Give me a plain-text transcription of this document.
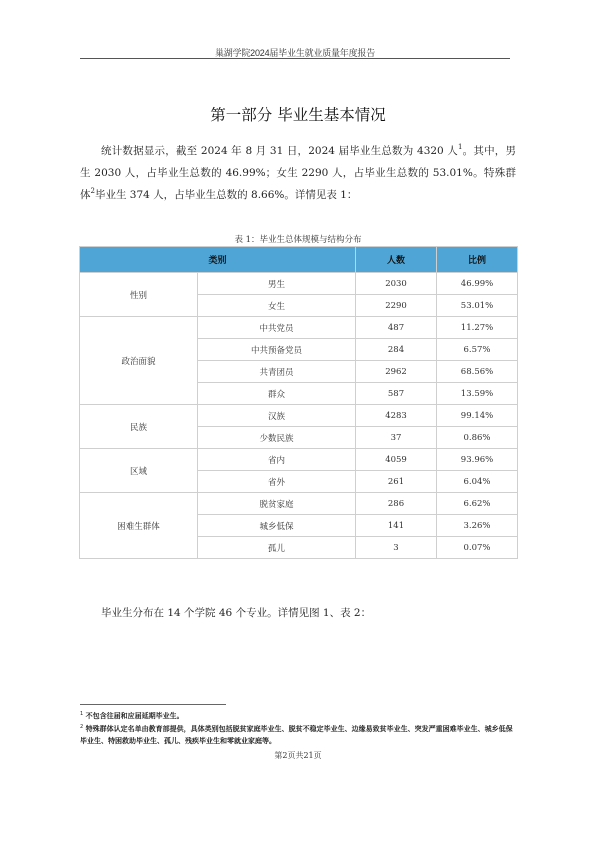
巢湖学院2024届毕业生就业质量年度报告
第一部分 毕业生基本情况

统计数据显示，截至 2024 年 8 月 31 日，2024 届毕业生总数为 4320 人$^1$。其中，男生 2030 人，占毕业生总数的 46.99%；女生 2290 人，占毕业生总数的 53.01%。特殊群体$^2$毕业生 374 人，占毕业生总数的 8.66%。详情见表 1：

表 1：毕业生总体规模与结构分布
类别		人数	比例
性别	男生	2030	46.99%
	女生	2290	53.01%
政治面貌	中共党员	487	11.27%
	中共预备党员	284	6.57%
	共青团员	2962	68.56%
	群众	587	13.59%
民族	汉族	4283	99.14%
	少数民族	37	0.86%
区域	省内	4059	93.96%
	省外	261	6.04%
困难生群体	脱贫家庭	286	6.62%
	城乡低保	141	3.26%
	孤儿	3	0.07%

毕业生分布在 14 个学院 46 个专业。详情见图 1、表 2：

$^1$ 不包含往届和应届延期毕业生。

$^2$ 特殊群体认定名单由教育部提供，具体类别包括脱贫家庭毕业生、脱贫不稳定毕业生、边缘易致贫毕业生、突发严重困难毕业生、城乡低保毕业生、特困救助毕业生、孤儿、残疾毕业生和零就业家庭等。

第2页共21页
